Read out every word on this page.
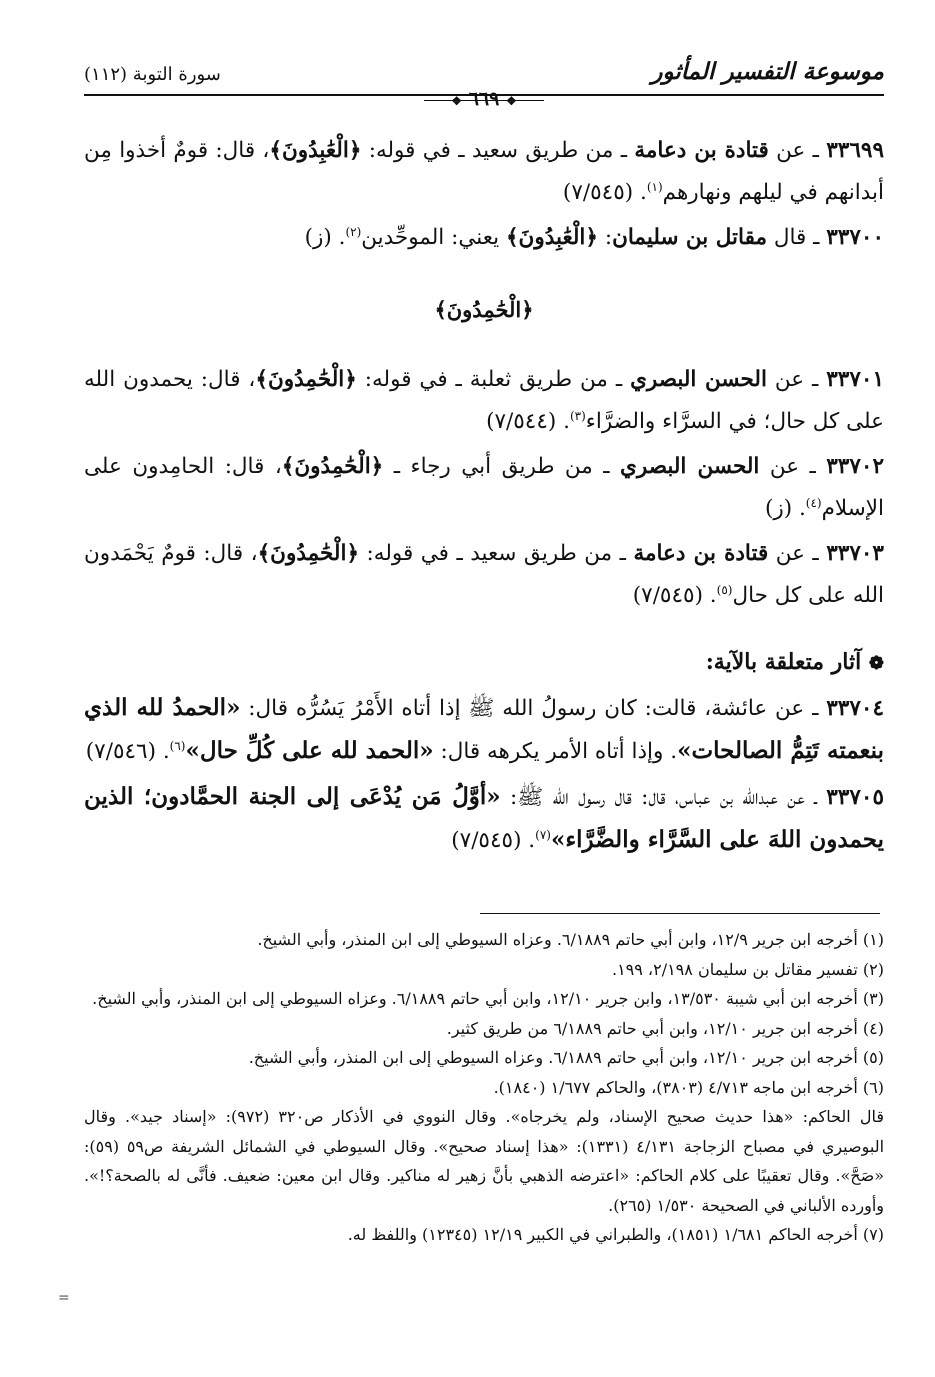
موسوعة التفسير المأثور
سورة التوبة (١١٢)
❖ ٦٦٩ ❖

٣٣٦٩٩ ـ عن قتادة بن دعامة ـ من طريق سعيد ـ في قوله: ﴿الْعَٰبِدُونَ﴾، قال: قومٌ أخذوا مِن أبدانهم في ليلهم ونهارهم$^{(١)}$. (٧/٥٤٥)

٣٣٧٠٠ ـ قال مقاتل بن سليمان: ﴿الْعَٰبِدُونَ﴾ يعني: الموحِّدين$^{(٢)}$. (ز)

﴿الْحَٰمِدُونَ﴾

٣٣٧٠١ ـ عن الحسن البصري ـ من طريق ثعلبة ـ في قوله: ﴿الْحَٰمِدُونَ﴾، قال: يحمدون الله على كل حال؛ في السرَّاء والضرَّاء$^{(٣)}$. (٧/٥٤٤)

٣٣٧٠٢ ـ عن الحسن البصري ـ من طريق أبي رجاء ـ ﴿الْحَٰمِدُونَ﴾، قال: الحامِدون على الإسلام$^{(٤)}$. (ز)

٣٣٧٠٣ ـ عن قتادة بن دعامة ـ من طريق سعيد ـ في قوله: ﴿الْحَٰمِدُونَ﴾، قال: قومٌ يَحْمَدون الله على كل حال$^{(٥)}$. (٧/٥٤٥)

❁ آثار متعلقة بالآية:

٣٣٧٠٤ ـ عن عائشة، قالت: كان رسولُ الله ﷺ إذا أتاه الأَمْرُ يَسُرُّه قال: «الحمدُ لله الذي بنعمته تَتِمُّ الصالحات». وإذا أتاه الأمر يكرهه قال: «الحمد لله على كُلِّ حال»$^{(٦)}$. (٧/٥٤٦)

٣٣٧٠٥ ـ عن عبدالله بن عباس، قال: قال رسول الله ﷺ: «أوَّلُ مَن يُدْعَى إلى الجنة الحمَّادون؛ الذين يحمدون اللهَ على السَّرَّاء والضَّرَّاء»$^{(٧)}$. (٧/٥٤٥)

(١) أخرجه ابن جرير ١٢/٩، وابن أبي حاتم ٦/١٨٨٩. وعزاه السيوطي إلى ابن المنذر، وأبي الشيخ.

(٢) تفسير مقاتل بن سليمان ٢/١٩٨، ١٩٩.

(٣) أخرجه ابن أبي شيبة ١٣/٥٣٠، وابن جرير ١٢/١٠، وابن أبي حاتم ٦/١٨٨٩. وعزاه السيوطي إلى ابن المنذر، وأبي الشيخ.

(٤) أخرجه ابن جرير ١٢/١٠، وابن أبي حاتم ٦/١٨٨٩ من طريق كثير.

(٥) أخرجه ابن جرير ١٢/١٠، وابن أبي حاتم ٦/١٨٨٩. وعزاه السيوطي إلى ابن المنذر، وأبي الشيخ.

(٦) أخرجه ابن ماجه ٤/٧١٣ (٣٨٠٣)، والحاكم ١/٦٧٧ (١٨٤٠).

قال الحاكم: «هذا حديث صحيح الإسناد، ولم يخرجاه». وقال النووي في الأذكار ص٣٢٠ (٩٧٢): «إسناد جيد». وقال البوصيري في مصباح الزجاجة ٤/١٣١ (١٣٣١): «هذا إسناد صحيح». وقال السيوطي في الشمائل الشريفة ص٥٩ (٥٩): «صَحَّ». وقال تعقيبًا على كلام الحاكم: «اعترضه الذهبي بأنَّ زهير له مناكير. وقال ابن معين: ضعيف. فأنَّى له بالصحة؟!». وأورده الألباني في الصحيحة ١/٥٣٠ (٢٦٥).

(٧) أخرجه الحاكم ١/٦٨١ (١٨٥١)، والطبراني في الكبير ١٢/١٩ (١٢٣٤٥) واللفظ له.

=
